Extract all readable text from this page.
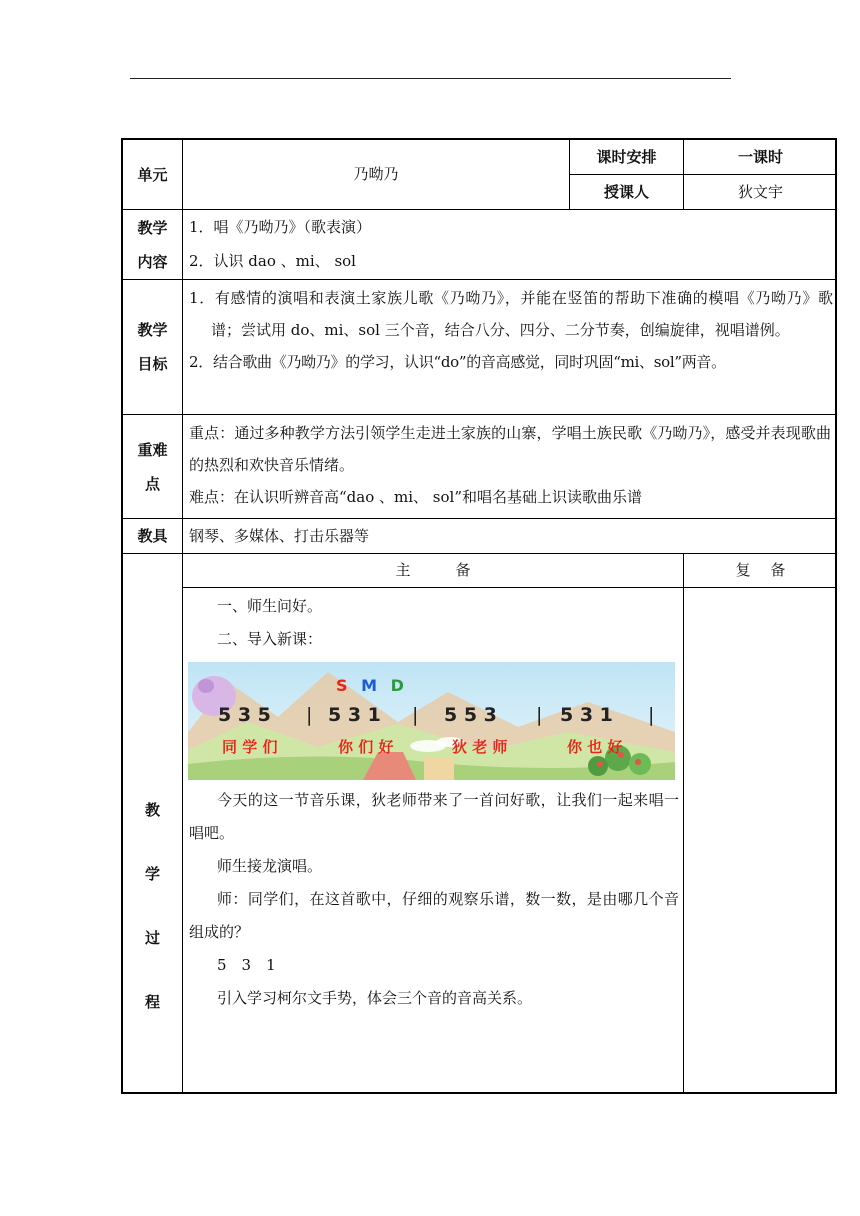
单元	乃呦乃
课时安排	一课时
授课人	狄文宇
教学
内容
1．唱《乃呦乃》（歌表演）
2．认识 dao 、mi、 sol
教学
目标
1．有感情的演唱和表演土家族儿歌《乃呦乃》，并能在竖笛的帮助下准确的模唱《乃呦乃》歌谱；尝试用 do、mi、sol 三个音，结合八分、四分、二分节奏，创编旋律，视唱谱例。
2．结合歌曲《乃呦乃》的学习，认识“do”的音高感觉，同时巩固“mi、sol”两音。
重难
点
重点：通过多种教学方法引领学生走进土家族的山寨，学唱土族民歌《乃呦乃》，感受并表现歌曲的热烈和欢快音乐情绪。
难点：在认识听辨音高“dao 、mi、 sol”和唱名基础上识读歌曲乐谱
教具	钢琴、多媒体、打击乐器等
主　　　备	复　 备
教
学
过
程
一、师生问好。
二、导入新课：
今天的这一节音乐课，狄老师带来了一首问好歌，让我们一起来唱一唱吧。
师生接龙演唱。
师：同学们，在这首歌中，仔细的观察乐谱，数一数，是由哪几个音组成的？
5　3　1
引入学习柯尔文手势，体会三个音的音高关系。
S M D
5 3 5 | 5 3 1 | 5 5 3 | 5 3 1 |
同 学 们	你 们 好	狄 老 师	你 也 好
